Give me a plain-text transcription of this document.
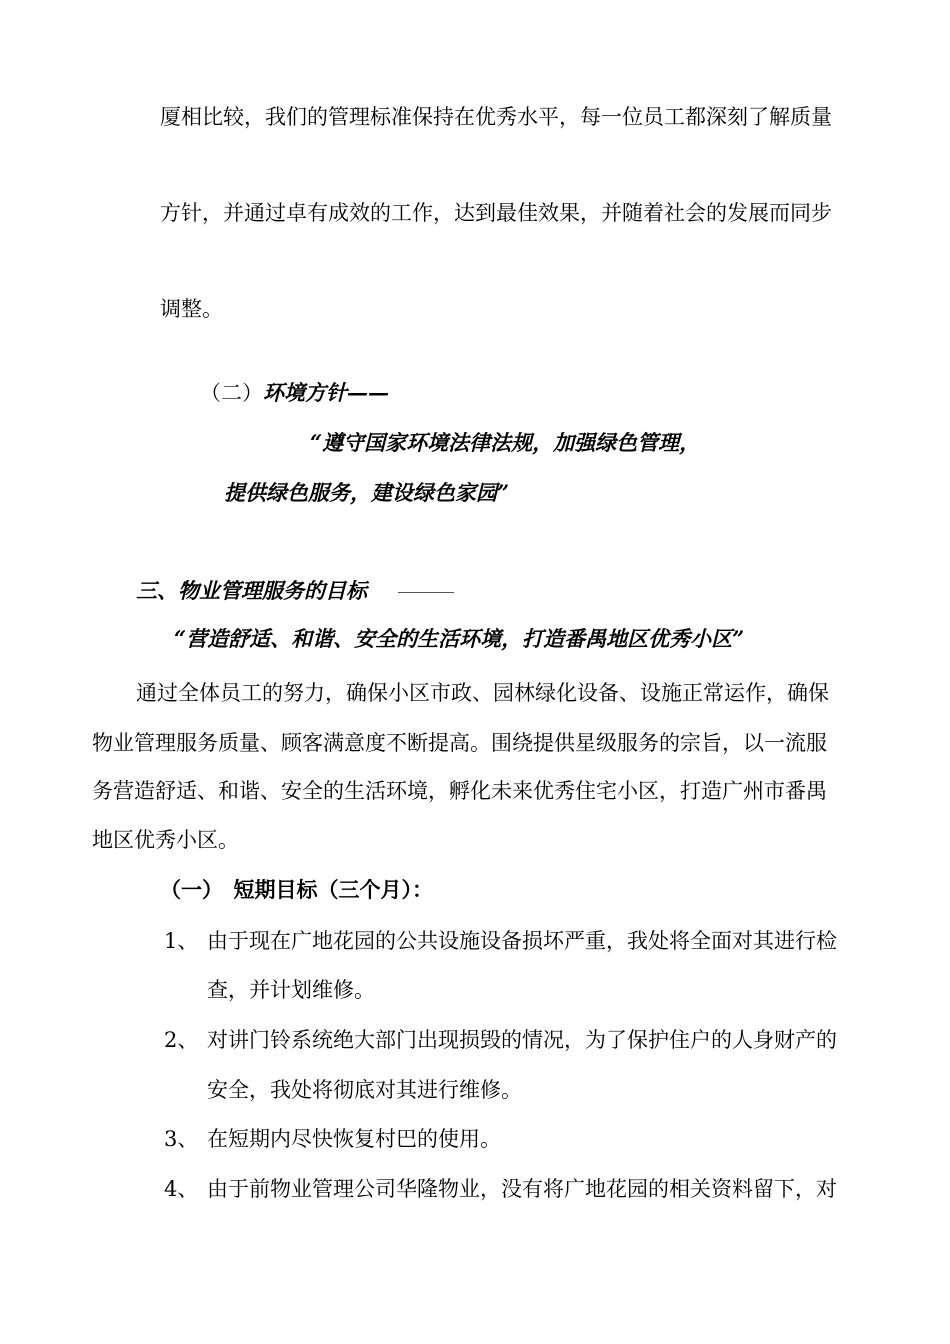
厦相比较，我们的管理标准保持在优秀水平，每一位员工都深刻了解质量
方针，并通过卓有成效的工作，达到最佳效果，并随着社会的发展而同步
调整。
（二）环境方针——
“遵守国家环境法律法规，加强绿色管理，
提供绿色服务，建设绿色家园”
三、物业管理服务的目标
“营造舒适、和谐、安全的生活环境，打造番禺地区优秀小区”
通过全体员工的努力，确保小区市政、园林绿化设备、设施正常运作，确保
物业管理服务质量、顾客满意度不断提高。围绕提供星级服务的宗旨，以一流服
务营造舒适、和谐、安全的生活环境，孵化未来优秀住宅小区，打造广州市番禺
地区优秀小区。
（一）　短期目标（三个月）：
1、 由于现在广地花园的公共设施设备损坏严重，我处将全面对其进行检
查，并计划维修。
2、 对讲门铃系统绝大部门出现损毁的情况，为了保护住户的人身财产的
安全，我处将彻底对其进行维修。
3、 在短期内尽快恢复村巴的使用。
4、 由于前物业管理公司华隆物业，没有将广地花园的相关资料留下，对
